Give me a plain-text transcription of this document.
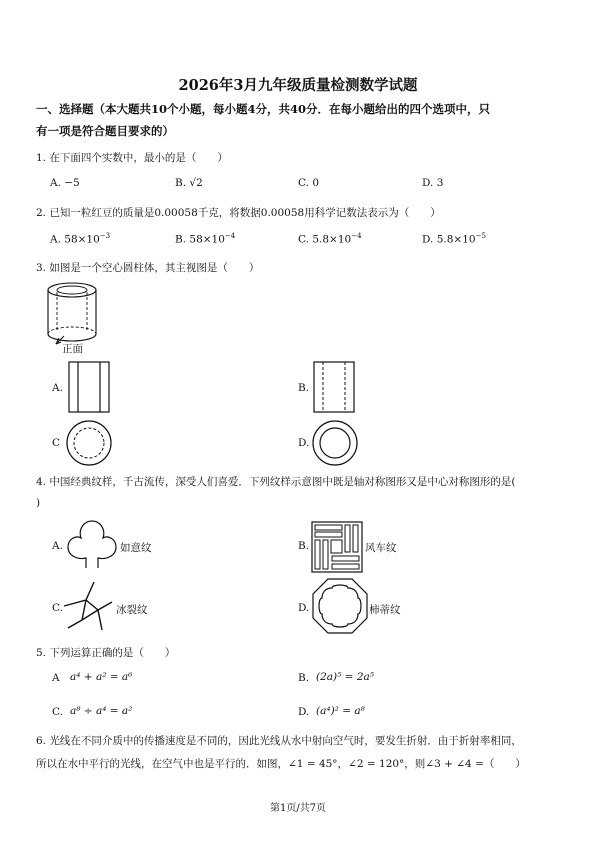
2026年3月九年级质量检测数学试题
一、选择题（本大题共10个小题，每小题4分，共40分．在每小题给出的四个选项中，只
有一项是符合题目要求的）
1. 在下面四个实数中，最小的是（　　）
A. −5	B. √2	C. 0	D. 3
2. 已知一粒红豆的质量是0.00058千克，将数据0.00058用科学记数法表示为（　　）
A. $58\times 10^{-3}$	B. $58\times 10^{-4}$	C. $5.8\times 10^{-4}$	D. $5.8\times 10^{-5}$
3. 如图是一个空心圆柱体，其主视图是（　　）
正面
A.	B.
C	D.
4. 中国经典纹样，千古流传，深受人们喜爱．下列纹样示意图中既是轴对称图形又是中心对称图形的是(
)
A.	如意纹	B.	风车纹
C.	冰裂纹	D.	柿蒂纹
5. 下列运算正确的是（　　）
A a⁴ + a² = a⁶	B. (2a)⁵ = 2a⁵
C. a⁸ ÷ a⁴ = a²	D. (a⁴)² = a⁸
6. 光线在不同介质中的传播速度是不同的，因此光线从水中射向空气时，要发生折射．由于折射率相同，
所以在水中平行的光线，在空气中也是平行的．如图，∠1 = 45°，∠2 = 120°，则∠3 + ∠4 =（　　）
第1页/共7页
